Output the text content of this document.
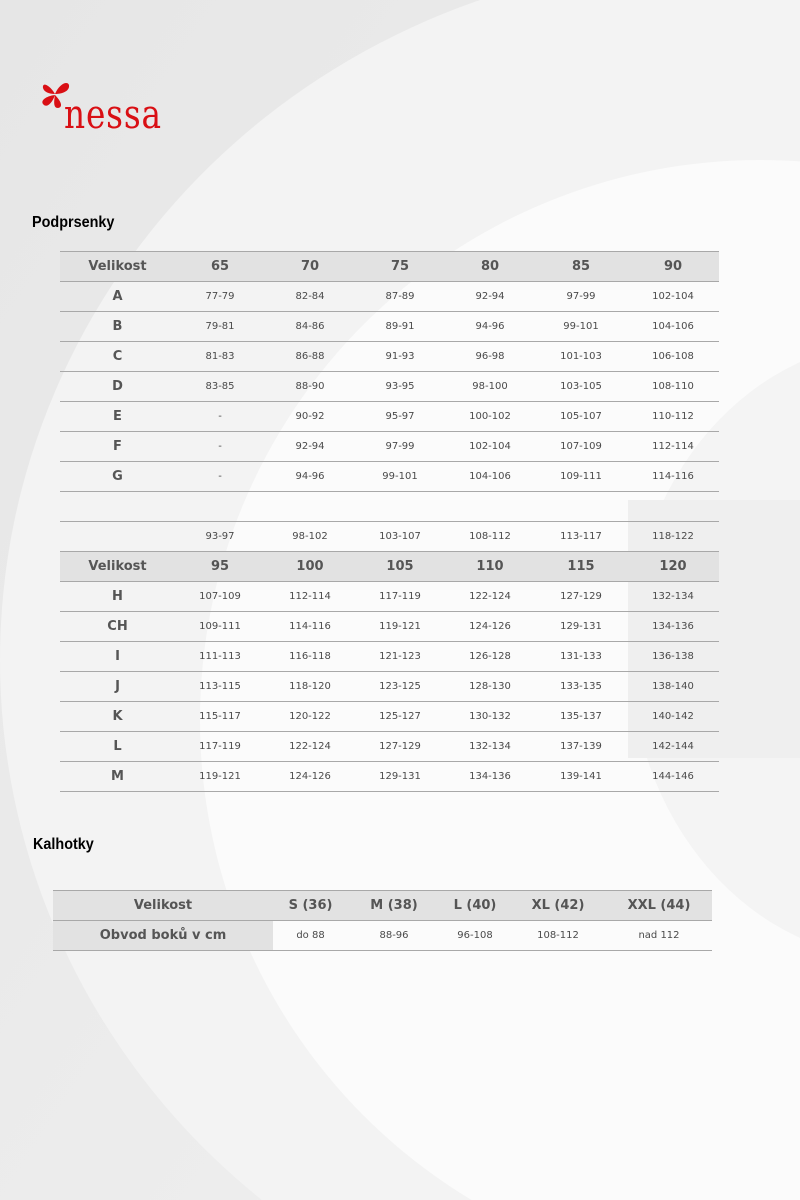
nessa
Podprsenky
Velikost	65	70	75	80	85	90
A	77-79	82-84	87-89	92-94	97-99	102-104
B	79-81	84-86	89-91	94-96	99-101	104-106
C	81-83	86-88	91-93	96-98	101-103	106-108
D	83-85	88-90	93-95	98-100	103-105	108-110
E	-	90-92	95-97	100-102	105-107	110-112
F	-	92-94	97-99	102-104	107-109	112-114
G	-	94-96	99-101	104-106	109-111	114-116

	93-97	98-102	103-107	108-112	113-117	118-122
Velikost	95	100	105	110	115	120
H	107-109	112-114	117-119	122-124	127-129	132-134
CH	109-111	114-116	119-121	124-126	129-131	134-136
I	111-113	116-118	121-123	126-128	131-133	136-138
J	113-115	118-120	123-125	128-130	133-135	138-140
K	115-117	120-122	125-127	130-132	135-137	140-142
L	117-119	122-124	127-129	132-134	137-139	142-144
M	119-121	124-126	129-131	134-136	139-141	144-146
Kalhotky
Velikost	S (36)	M (38)	L (40)	XL (42)	XXL (44)
Obvod boků v cm	do 88	88-96	96-108	108-112	nad 112
